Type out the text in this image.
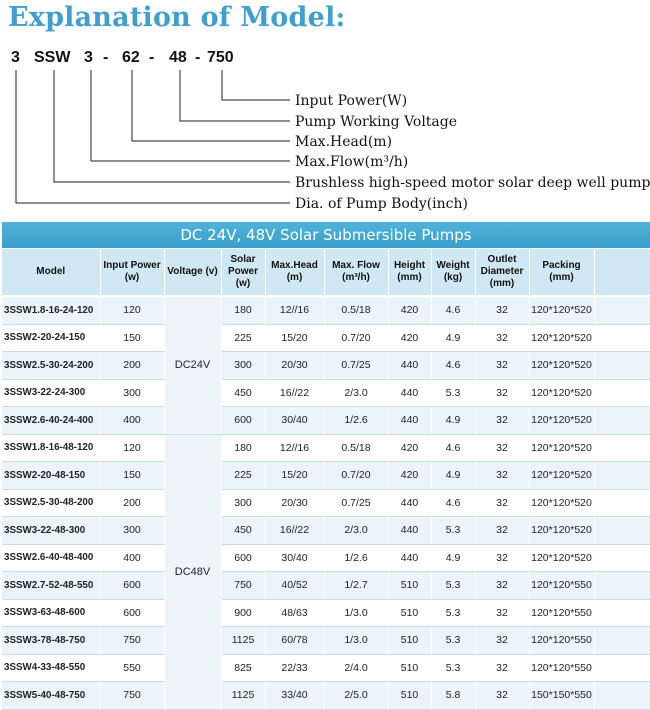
Explanation of Model:
3 SSW 3 - 62 - 48 - 750
Input Power(W)
Pump Working Voltage
Max.Head(m)
Max.Flow(m³/h)
Brushless high-speed motor solar deep well pump
Dia. of Pump Body(inch)
DC 24V, 48V Solar Submersible Pumps
Model	Input Power (w)	Voltage (v)	Solar Power (w)	Max.Head (m)	Max. Flow (m³/h)	Height (mm)	Weight (kg)	Outlet Diameter (mm)	Packing (mm)	
3SSW1.8-16-24-120	120	DC24V	180	12//16	0.5/18	420	4.6	32	120*120*520	
3SSW2-20-24-150	150		225	15/20	0.7/20	420	4.9	32	120*120*520	
3SSW2.5-30-24-200	200		300	20/30	0.7/25	440	4.6	32	120*120*520	
3SSW3-22-24-300	300		450	16//22	2/3.0	440	5.3	32	120*120*520	
3SSW2.6-40-24-400	400		600	30/40	1/2.6	440	4.9	32	120*120*520	
3SSW1.8-16-48-120	120	DC48V	180	12//16	0.5/18	420	4.6	32	120*120*520	
3SSW2-20-48-150	150		225	15/20	0.7/20	420	4.9	32	120*120*520	
3SSW2.5-30-48-200	200		300	20/30	0.7/25	440	4.6	32	120*120*520	
3SSW3-22-48-300	300		450	16//22	2/3.0	440	5.3	32	120*120*520	
3SSW2.6-40-48-400	400		600	30/40	1/2.6	440	4.9	32	120*120*520	
3SSW2.7-52-48-550	600		750	40/52	1/2.7	510	5.3	32	120*120*550	
3SSW3-63-48-600	600		900	48/63	1/3.0	510	5.3	32	120*120*550	
3SSW3-78-48-750	750		1125	60/78	1/3.0	510	5.3	32	120*120*550	
3SSW4-33-48-550	550		825	22/33	2/4.0	510	5.3	32	120*120*550	
3SSW5-40-48-750	750		1125	33/40	2/5.0	510	5.8	32	150*150*550	
